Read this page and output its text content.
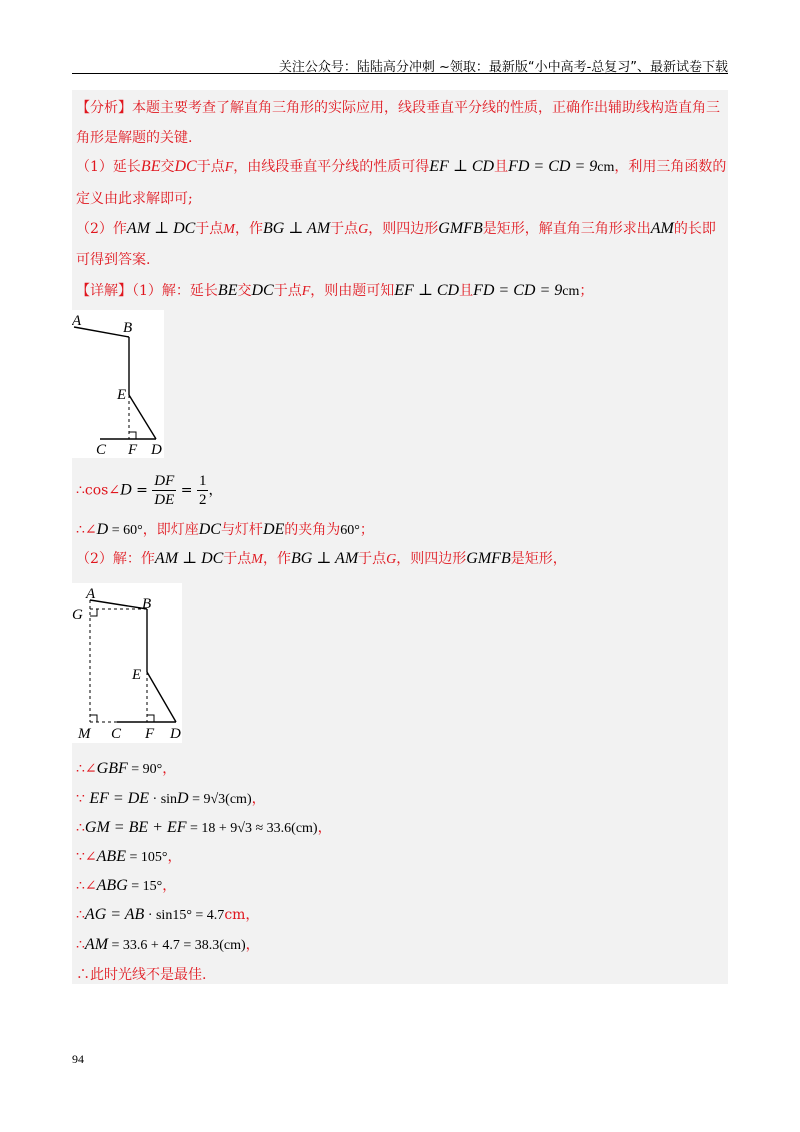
关注公众号：陆陆高分冲刺 ~领取：最新版“小中高考-总复习”、最新试卷下载
【分析】本题主要考查了解直角三角形的实际应用，线段垂直平分线的性质，正确作出辅助线构造直角三
角形是解题的关键.
（1）延长BE交DC于点F，由线段垂直平分线的性质可得EF ⊥ CD且FD = CD = 9cm，利用三角函数的
定义由此求解即可;
（2）作AM ⊥ DC于点M，作BG ⊥ AM于点G，则四边形GMFB是矩形，解直角三角形求出AM的长即
可得到答案.
【详解】（1）解：延长BE交DC于点F，则由题可知EF ⊥ CD且FD = CD = 9cm；
A	B
E
C F D
∴cos∠D = $\frac{DF}{DE} = \frac{1}{2}$ ，
∴∠D = 60°，即灯座DC与灯杆DE的夹角为60°；
（2）解：作AM ⊥ DC于点M，作BG ⊥ AM于点G，则四边形GMFB是矩形，
A
G
B
E
M C F D
∴∠GBF = 90°，
∵ EF = DE · sinD = 9√3(cm)，
∴GM = BE + EF = 18 + 9√3 ≈ 33.6(cm)，
∵∠ABE = 105°，
∴∠ABG = 15°，
∴AG = AB · sin15° = 4.7cm，
∴AM = 33.6 + 4.7 = 38.3(cm)，
∴此时光线不是最佳.
94
